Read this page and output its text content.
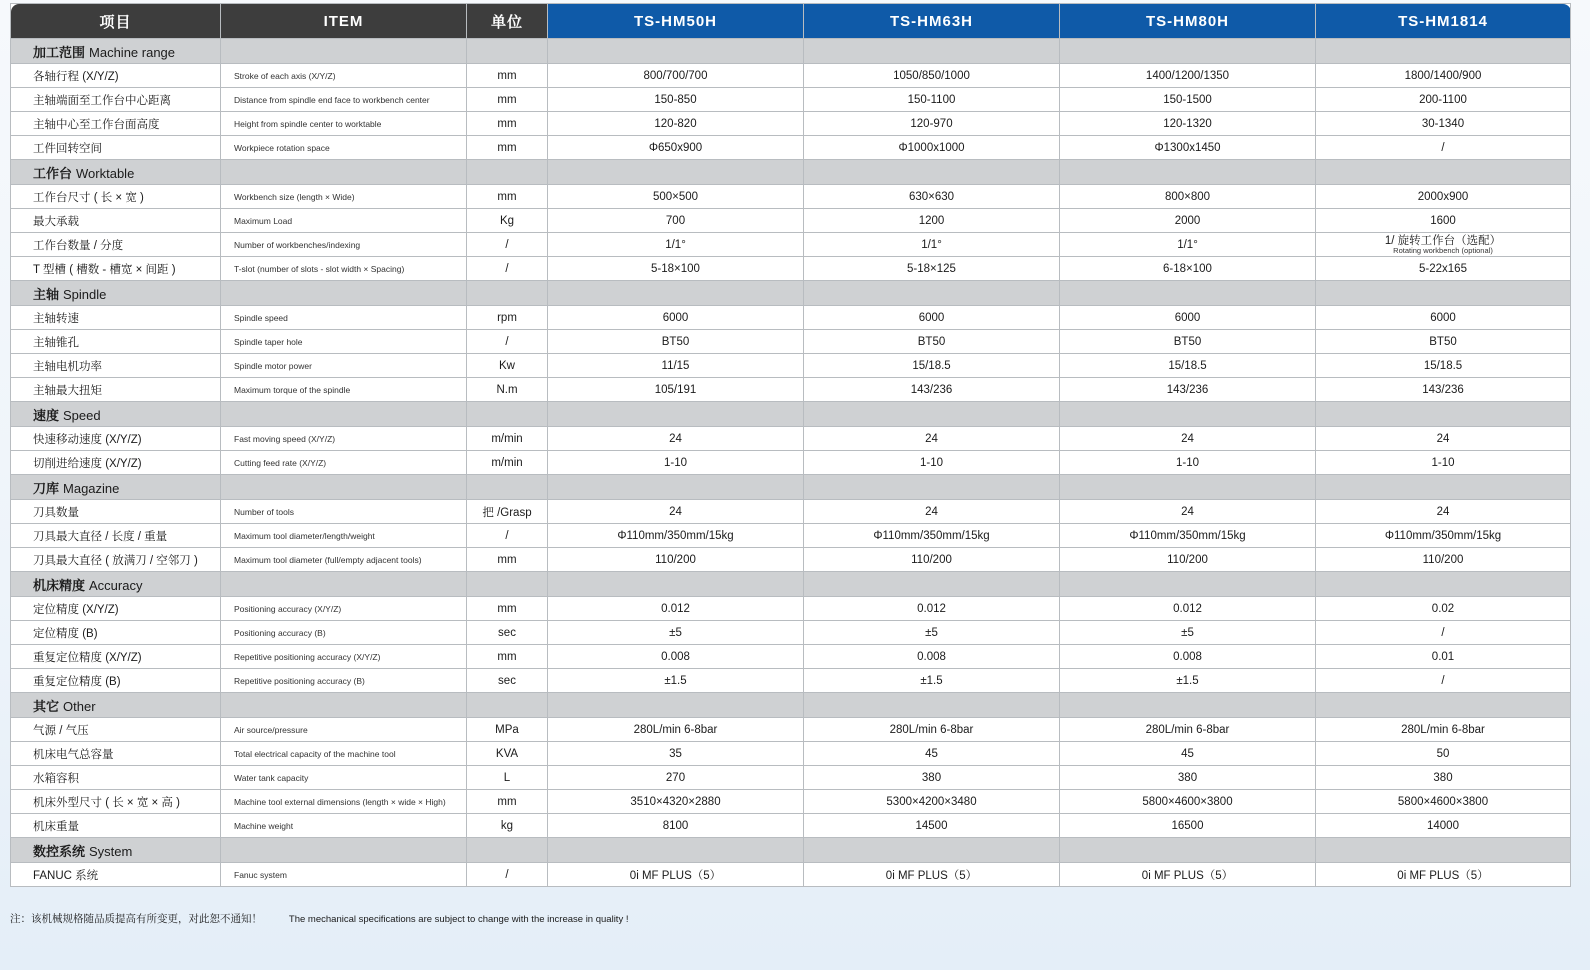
项目	ITEM	单位	TS-HM50H	TS-HM63H	TS-HM80H	TS-HM1814
加工范围 Machine range						
各轴行程 (X/Y/Z)	Stroke of each axis (X/Y/Z)	mm	800/700/700	1050/850/1000	1400/1200/1350	1800/1400/900
主轴端面至工作台中心距离	Distance from spindle end face to workbench center	mm	150-850	150-1100	150-1500	200-1100
主轴中心至工作台面高度	Height from spindle center to worktable	mm	120-820	120-970	120-1320	30-1340
工件回转空间	Workpiece rotation space	mm	Φ650x900	Φ1000x1000	Φ1300x1450	/
工作台 Worktable						
工作台尺寸 ( 长 × 宽 )	Workbench size (length × Wide)	mm	500×500	630×630	800×800	2000x900
最大承载	Maximum Load	Kg	700	1200	2000	1600
工作台数量 / 分度	Number of workbenches/indexing	/	1/1°	1/1°	1/1°	1/ 旋转工作台（选配）
Rotating workbench (optional)

T 型槽 ( 槽数 - 槽宽 × 间距 )	T-slot (number of slots - slot width × Spacing)	/	5-18×100	5-18×125	6-18×100	5-22x165
主轴 Spindle						
主轴转速	Spindle speed	rpm	6000	6000	6000	6000
主轴锥孔	Spindle taper hole	/	BT50	BT50	BT50	BT50
主轴电机功率	Spindle motor power	Kw	11/15	15/18.5	15/18.5	15/18.5
主轴最大扭矩	Maximum torque of the spindle	N.m	105/191	143/236	143/236	143/236
速度 Speed						
快速移动速度 (X/Y/Z)	Fast moving speed (X/Y/Z)	m/min	24	24	24	24
切削进给速度 (X/Y/Z)	Cutting feed rate (X/Y/Z)	m/min	1-10	1-10	1-10	1-10
刀库 Magazine						
刀具数量	Number of tools	把 /Grasp	24	24	24	24
刀具最大直径 / 长度 / 重量	Maximum tool diameter/length/weight	/	Φ110mm/350mm/15kg	Φ110mm/350mm/15kg	Φ110mm/350mm/15kg	Φ110mm/350mm/15kg
刀具最大直径 ( 放满刀 / 空邻刀 )	Maximum tool diameter (full/empty adjacent tools)	mm	110/200	110/200	110/200	110/200
机床精度 Accuracy						
定位精度 (X/Y/Z)	Positioning accuracy (X/Y/Z)	mm	0.012	0.012	0.012	0.02
定位精度 (B)	Positioning accuracy (B)	sec	±5	±5	±5	/
重复定位精度 (X/Y/Z)	Repetitive positioning accuracy (X/Y/Z)	mm	0.008	0.008	0.008	0.01
重复定位精度 (B)	Repetitive positioning accuracy (B)	sec	±1.5	±1.5	±1.5	/
其它 Other						
气源 / 气压	Air source/pressure	MPa	280L/min 6-8bar	280L/min 6-8bar	280L/min 6-8bar	280L/min 6-8bar
机床电气总容量	Total electrical capacity of the machine tool	KVA	35	45	45	50
水箱容积	Water tank capacity	L	270	380	380	380
机床外型尺寸 ( 长 × 宽 × 高 )	Machine tool external dimensions (length × wide × High)	mm	3510×4320×2880	5300×4200×3480	5800×4600×3800	5800×4600×3800
机床重量	Machine weight	kg	8100	14500	16500	14000
数控系统 System						
FANUC 系统	Fanuc system	/	0i MF PLUS（5）	0i MF PLUS（5）	0i MF PLUS（5）	0i MF PLUS（5）
注：该机械规格随品质提高有所变更，对此恕不通知！	The mechanical specifications are subject to change with the increase in quality !
